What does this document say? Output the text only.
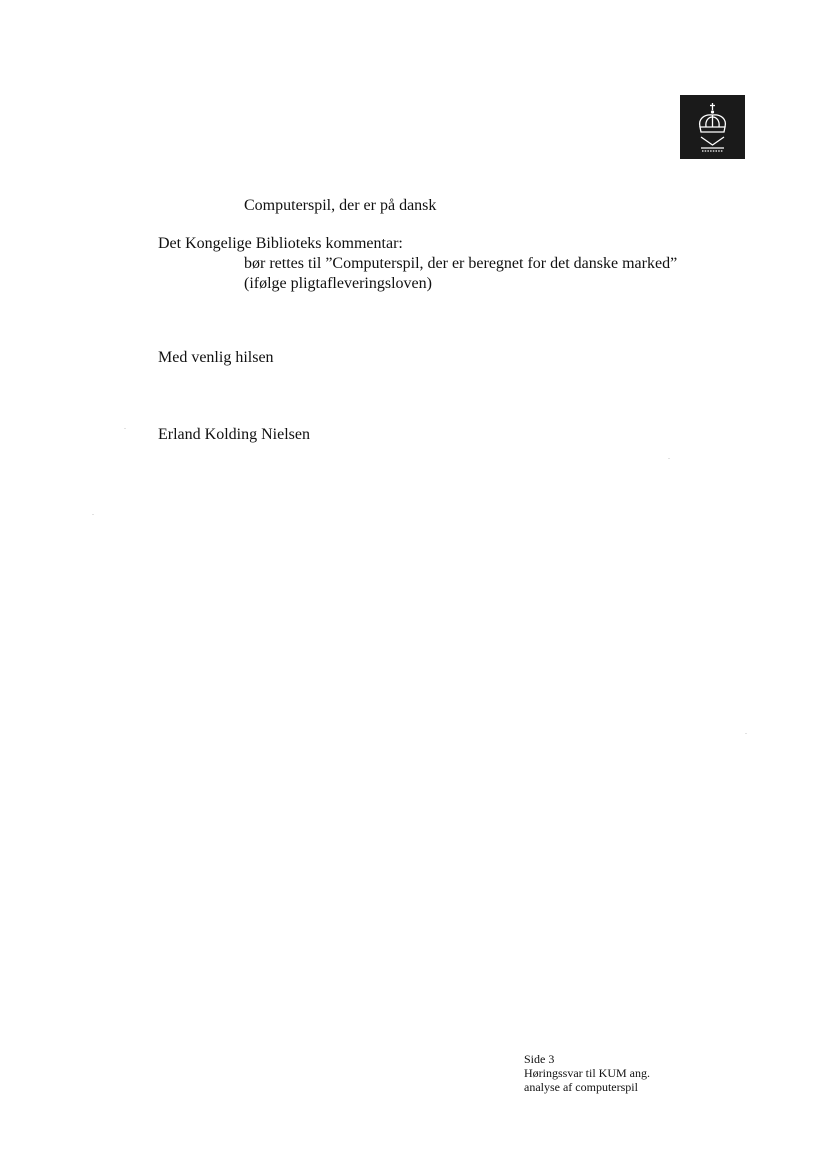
Computerspil, der er på dansk
Det Kongelige Biblioteks kommentar:
bør rettes til ”Computerspil, der er beregnet for det danske marked”
(ifølge pligtafleveringsloven)
Med venlig hilsen
Erland Kolding Nielsen
Side 3
Høringssvar til KUM ang.
analyse af computerspil
